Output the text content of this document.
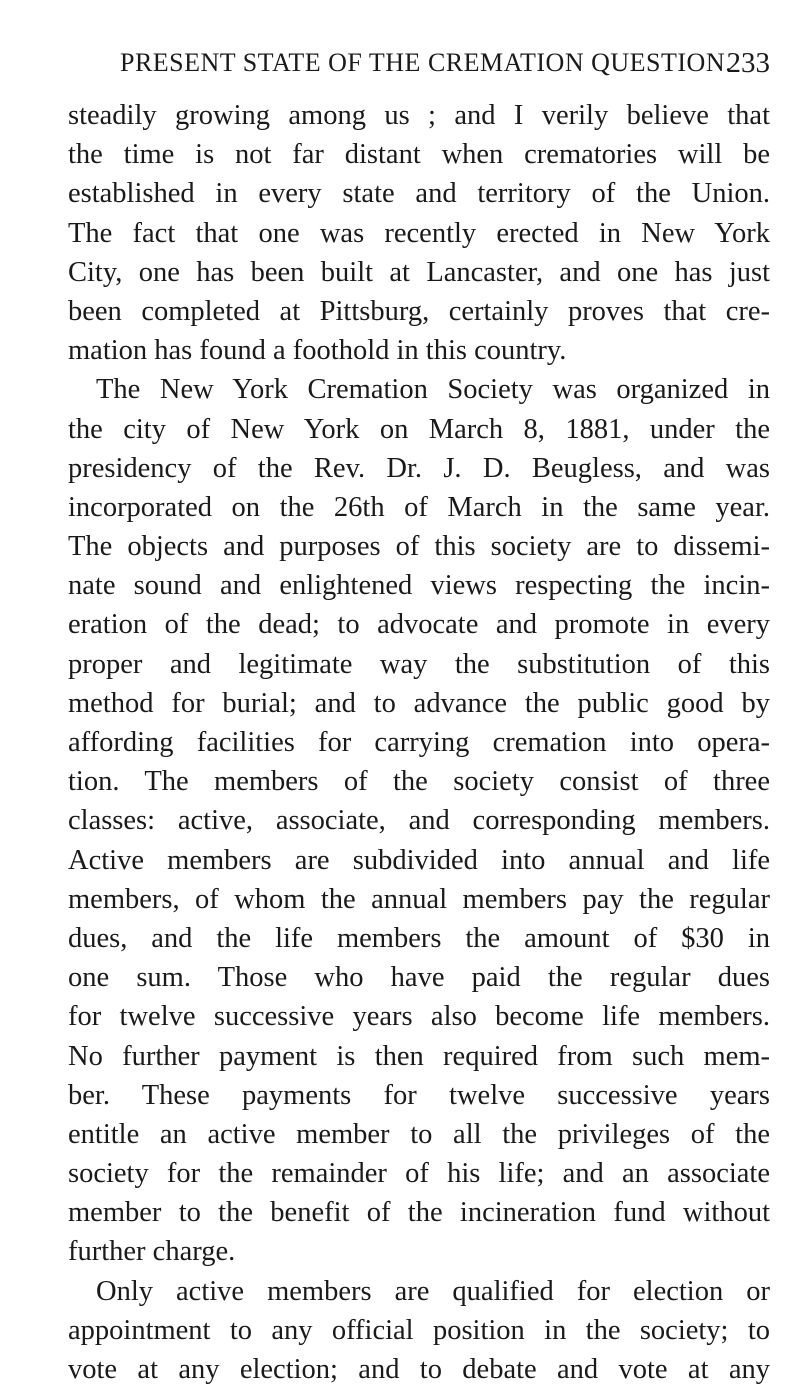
PRESENT STATE OF THE CREMATION QUESTION.
233
steadily growing among us ; and I verily believe that
the time is not far distant when crematories will be
established in every state and territory of the Union.
The fact that one was recently erected in New York
City, one has been built at Lancaster, and one has just
been completed at Pittsburg, certainly proves that cre-
mation has found a foothold in this country.
The New York Cremation Society was organized in
the city of New York on March 8, 1881, under the
presidency of the Rev. Dr. J. D. Beugless, and was
incorporated on the 26th of March in the same year.
The objects and purposes of this society are to dissemi-
nate sound and enlightened views respecting the incin-
eration of the dead; to advocate and promote in every
proper and legitimate way the substitution of this
method for burial; and to advance the public good by
affording facilities for carrying cremation into opera-
tion. The members of the society consist of three
classes: active, associate, and corresponding members.
Active members are subdivided into annual and life
members, of whom the annual members pay the regular
dues, and the life members the amount of $30 in
one sum. Those who have paid the regular dues
for twelve successive years also become life members.
No further payment is then required from such mem-
ber. These payments for twelve successive years
entitle an active member to all the privileges of the
society for the remainder of his life; and an associate
member to the benefit of the incineration fund without
further charge.
Only active members are qualified for election or
appointment to any official position in the society; to
vote at any election; and to debate and vote at any
